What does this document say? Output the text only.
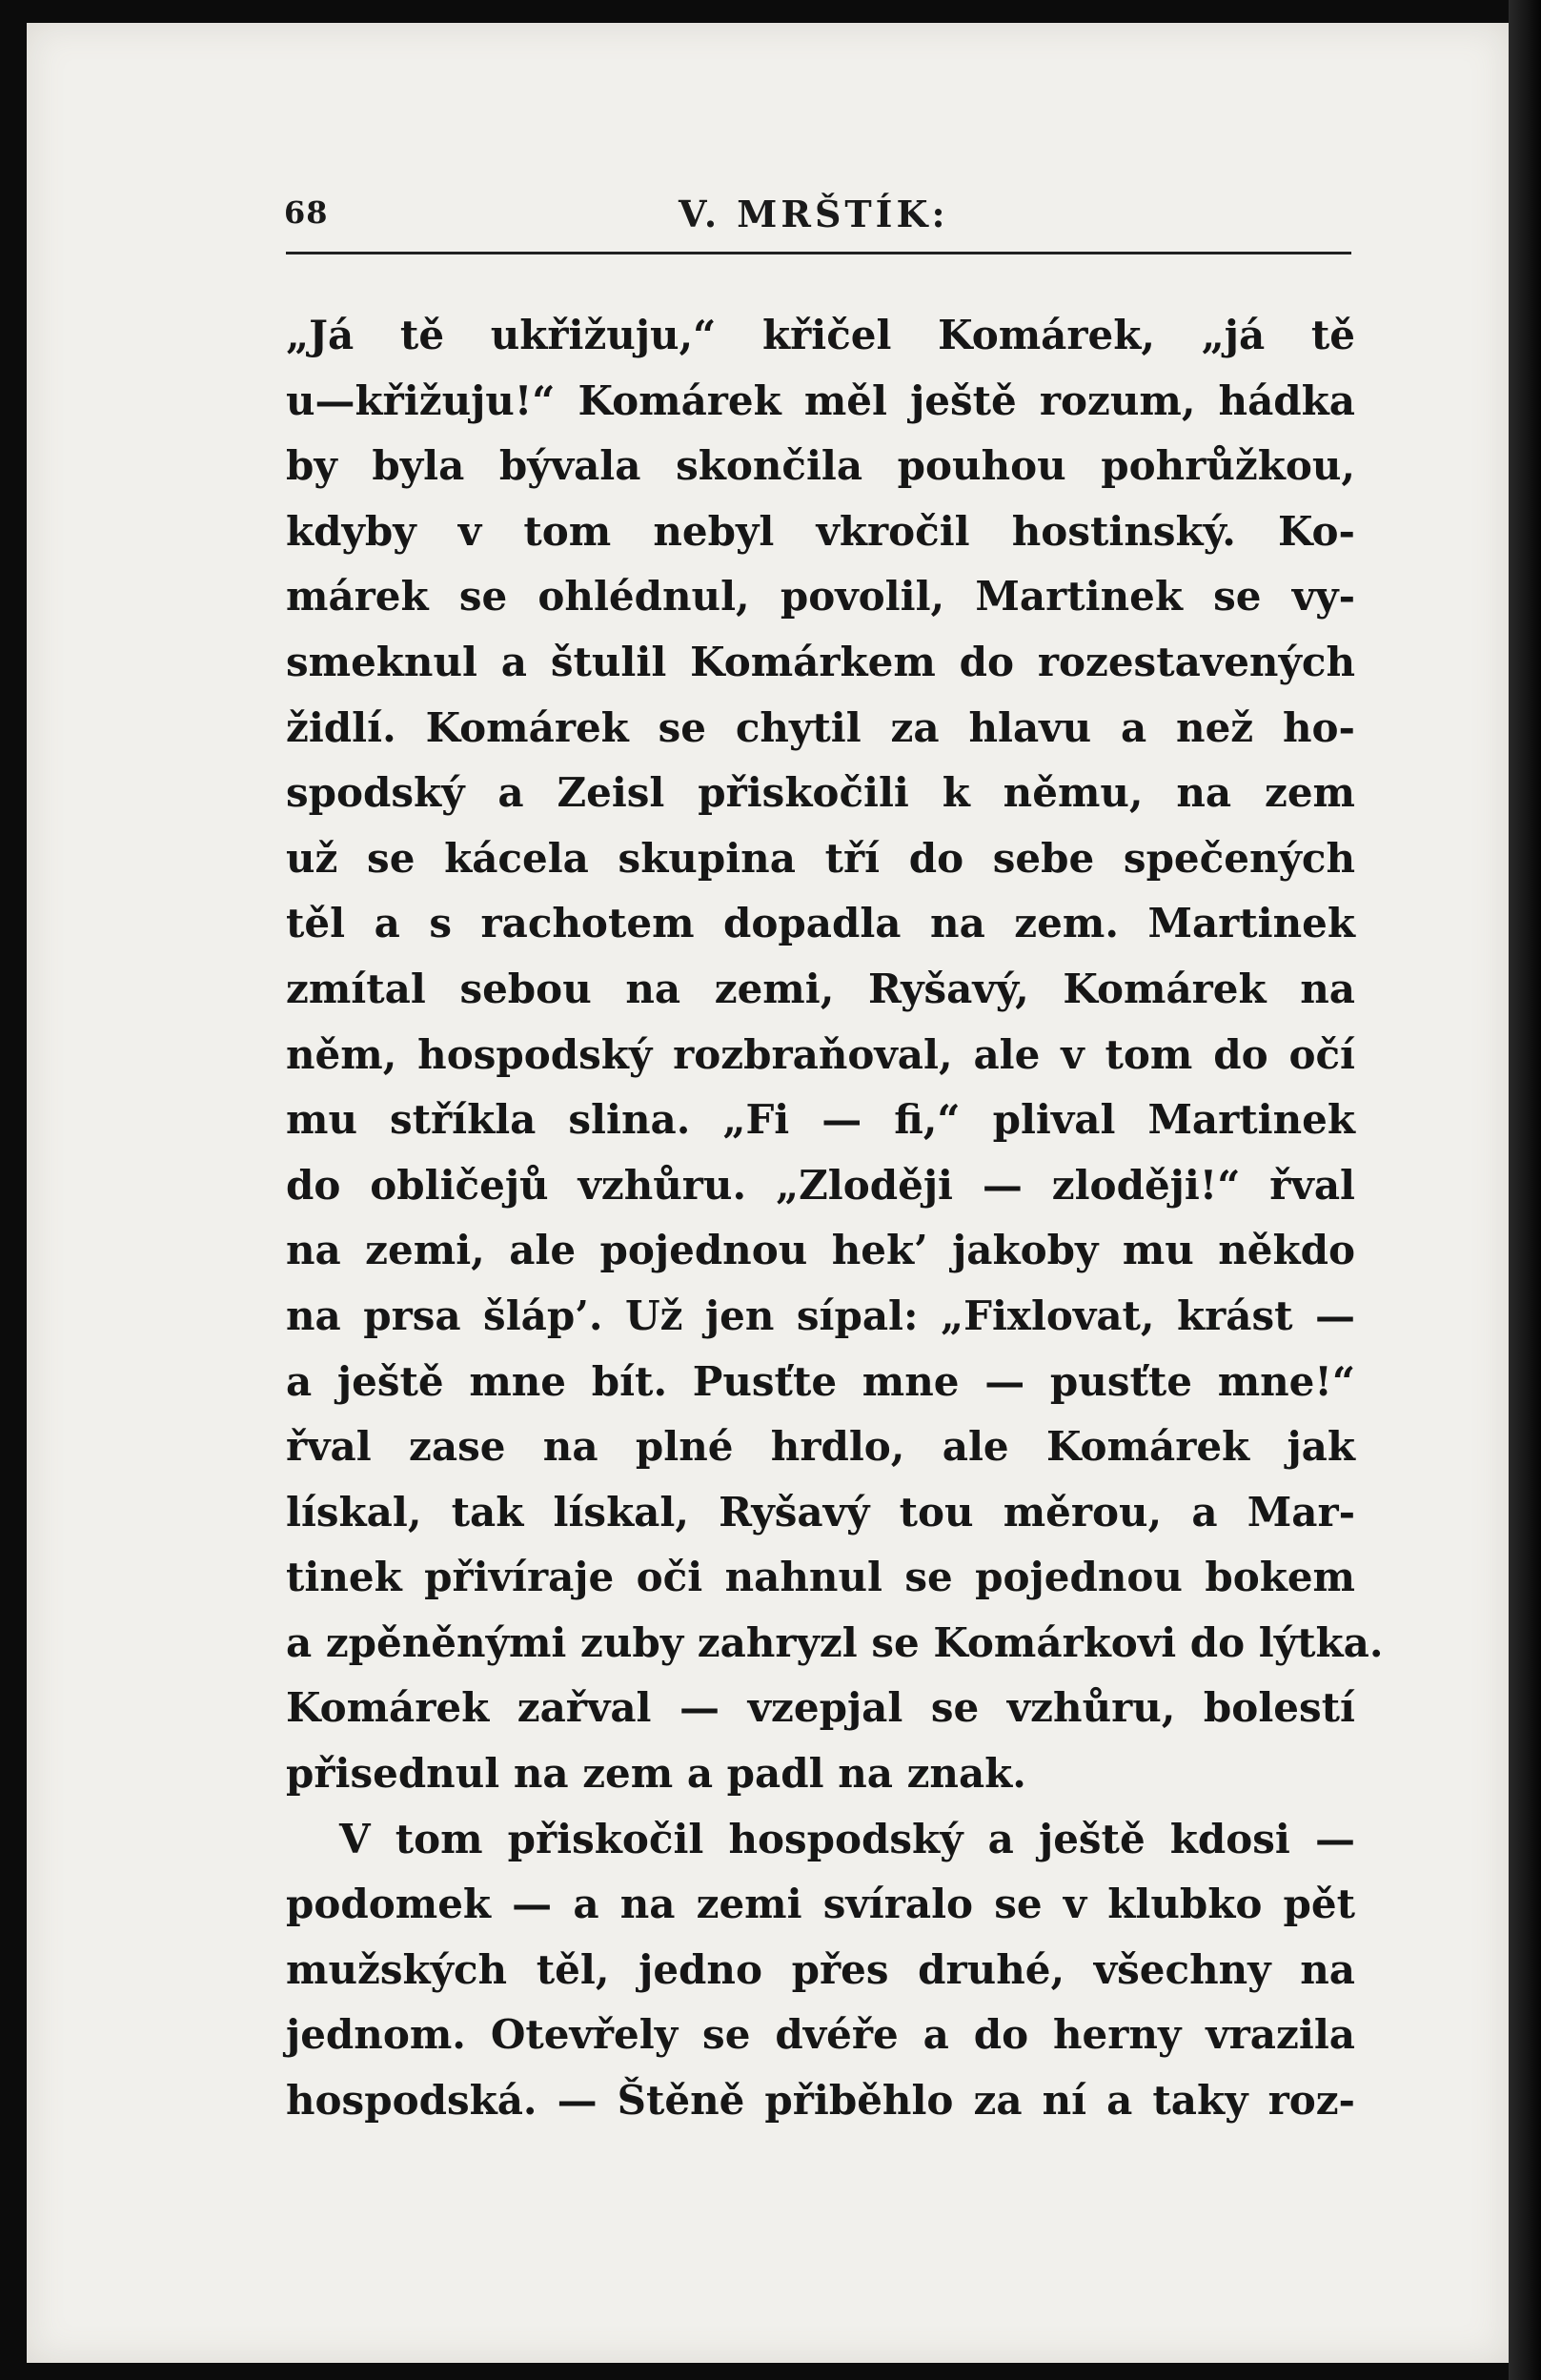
68	V. MRŠTÍK:
„Já tě ukřižuju,“ křičel Komárek, „já tě
u—křižuju!“ Komárek měl ještě rozum, hádka
by byla bývala skončila pouhou pohrůžkou,
kdyby v tom nebyl vkročil hostinský. Ko-
márek se ohlédnul, povolil, Martinek se vy-
smeknul a štulil Komárkem do rozestavených
židlí. Komárek se chytil za hlavu a než ho-
spodský a Zeisl přiskočili k němu, na zem
už se kácela skupina tří do sebe spečených
těl a s rachotem dopadla na zem. Martinek
zmítal sebou na zemi, Ryšavý, Komárek na
něm, hospodský rozbraňoval, ale v tom do očí
mu stříkla slina. „Fi — fi,“ plival Martinek
do obličejů vzhůru. „Zloději — zloději!“ řval
na zemi, ale pojednou hek’ jakoby mu někdo
na prsa šláp’. Už jen sípal: „Fixlovat, krást —
a ještě mne bít. Pusťte mne — pusťte mne!“
řval zase na plné hrdlo, ale Komárek jak
lískal, tak lískal, Ryšavý tou měrou, a Mar-
tinek přivíraje oči nahnul se pojednou bokem
a zpěněnými zuby zahryzl se Komárkovi do lýtka.
Komárek zařval — vzepjal se vzhůru, bolestí
přisednul na zem a padl na znak.
V tom přiskočil hospodský a ještě kdosi —
podomek — a na zemi svíralo se v klubko pět
mužských těl, jedno přes druhé, všechny na
jednom. Otevřely se dvéře a do herny vrazila
hospodská. — Štěně přiběhlo za ní a taky roz-
